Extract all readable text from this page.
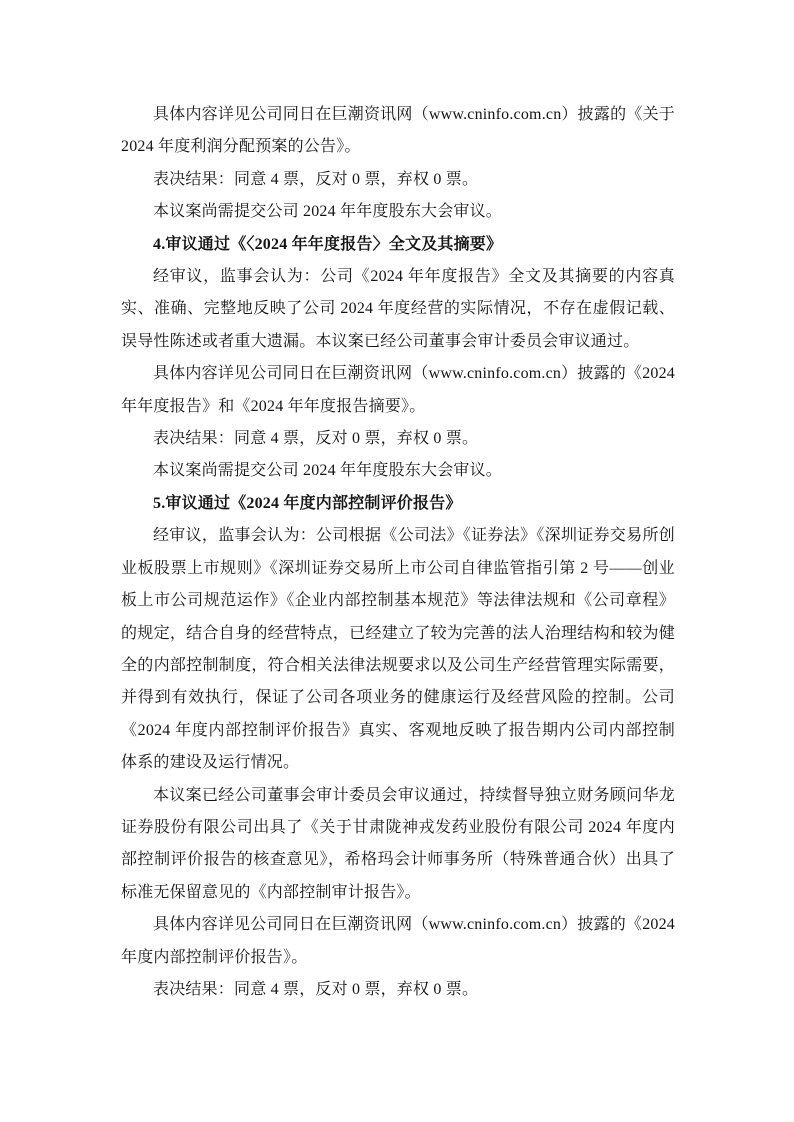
具体内容详见公司同日在巨潮资讯网（www.cninfo.com.cn）披露的《关于 2024 年度利润分配预案的公告》。

表决结果：同意 4 票，反对 0 票，弃权 0 票。

本议案尚需提交公司 2024 年年度股东大会审议。

4.审议通过《〈2024 年年度报告〉全文及其摘要》

经审议，监事会认为：公司《2024 年年度报告》全文及其摘要的内容真实、准确、完整地反映了公司 2024 年度经营的实际情况，不存在虚假记载、误导性陈述或者重大遗漏。本议案已经公司董事会审计委员会审议通过。

具体内容详见公司同日在巨潮资讯网（www.cninfo.com.cn）披露的《2024 年年度报告》和《2024 年年度报告摘要》。

表决结果：同意 4 票，反对 0 票，弃权 0 票。

本议案尚需提交公司 2024 年年度股东大会审议。

5.审议通过《2024 年度内部控制评价报告》

经审议，监事会认为：公司根据《公司法》《证券法》《深圳证券交易所创业板股票上市规则》《深圳证券交易所上市公司自律监管指引第 2 号——创业板上市公司规范运作》《企业内部控制基本规范》等法律法规和《公司章程》的规定，结合自身的经营特点，已经建立了较为完善的法人治理结构和较为健全的内部控制制度，符合相关法律法规要求以及公司生产经营管理实际需要，并得到有效执行，保证了公司各项业务的健康运行及经营风险的控制。公司《2024 年度内部控制评价报告》真实、客观地反映了报告期内公司内部控制体系的建设及运行情况。

本议案已经公司董事会审计委员会审议通过，持续督导独立财务顾问华龙证券股份有限公司出具了《关于甘肃陇神戎发药业股份有限公司 2024 年度内部控制评价报告的核查意见》，希格玛会计师事务所（特殊普通合伙）出具了标准无保留意见的《内部控制审计报告》。

具体内容详见公司同日在巨潮资讯网（www.cninfo.com.cn）披露的《2024 年度内部控制评价报告》。

表决结果：同意 4 票，反对 0 票，弃权 0 票。
